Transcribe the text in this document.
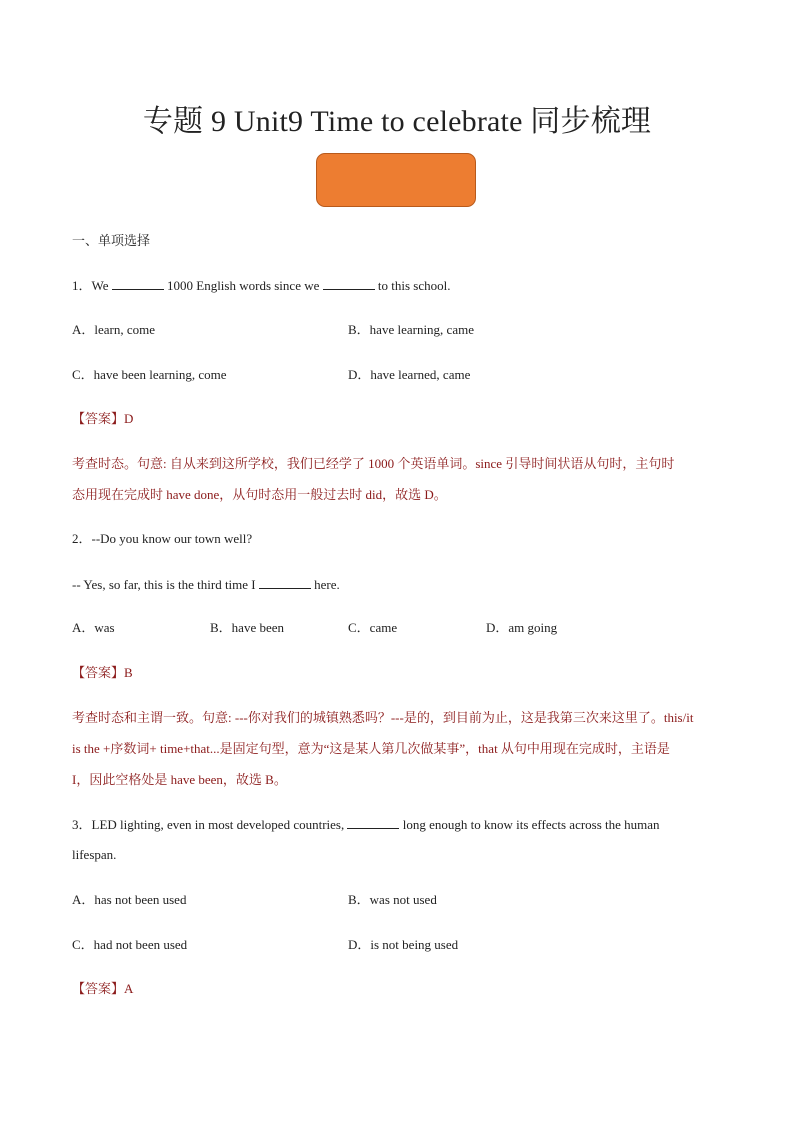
专题 9 Unit9 Time to celebrate 同步梳理
一、单项选择
1．We	1000 English words since we	to this school.
A．learn, come	B．have learning, came
C．have been learning, come	D．have learned, came
【答案】D
考查时态。句意: 自从来到这所学校，我们已经学了 1000 个英语单词。since 引导时间状语从句时，主句时
态用现在完成时 have done，从句时态用一般过去时 did，故选 D。
2．--Do you know our town well?
-- Yes, so far, this is the third time I	here.
A．was	B．have been	C．came	D．am going
【答案】B
考查时态和主谓一致。句意: ---你对我们的城镇熟悉吗？---是的，到目前为止，这是我第三次来这里了。this/it
is the +序数词+ time+that...是固定句型，意为“这是某人第几次做某事”，that 从句中用现在完成时，主语是
I，因此空格处是 have been，故选 B。
3．LED lighting, even in most developed countries,	long enough to know its effects across the human
lifespan.
A．has not been used	B．was not used
C．had not been used	D．is not being used
【答案】A
